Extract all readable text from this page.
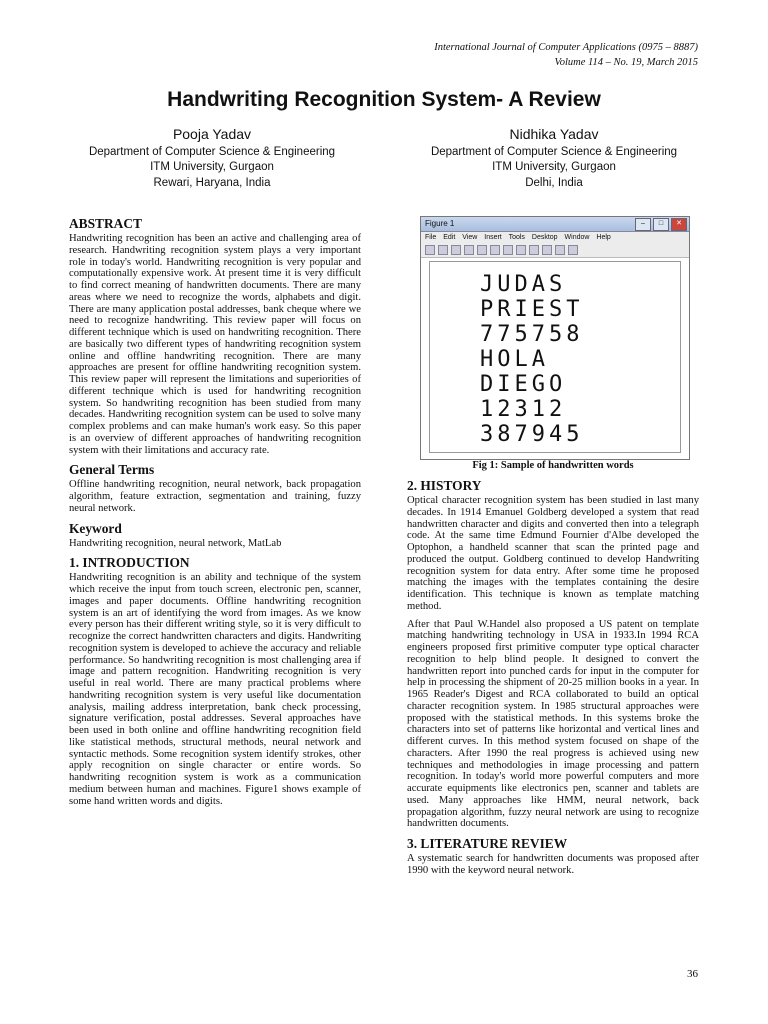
International Journal of Computer Applications (0975 – 8887)
Volume 114 – No. 19, March 2015
Handwriting Recognition System- A Review
Pooja Yadav
Department of Computer Science & Engineering
ITM University, Gurgaon
Rewari, Haryana, India
Nidhika Yadav
Department of Computer Science & Engineering
ITM University, Gurgaon
Delhi, India
ABSTRACT

Handwriting recognition has been an active and challenging area of research. Handwriting recognition system plays a very important role in today's world. Handwriting recognition is very popular and computationally expensive work. At present time it is very difficult to find correct meaning of handwritten documents. There are many areas where we need to recognize the words, alphabets and digit. There are many application postal addresses, bank cheque where we need to recognize handwriting. This review paper will focus on different technique which is used on handwriting recognition. There are basically two different types of handwriting recognition system online and offline handwriting recognition. There are many approaches are present for offline handwriting recognition system. This review paper will represent the limitations and superiorities of different technique which is used for handwriting recognition system. So handwriting recognition has been studied from many decades. Handwriting recognition system can be used to solve many complex problems and can make human's work easy. So this paper is an overview of different approaches of handwriting recognition system with their limitations and accuracy rate.

General Terms

Offline handwriting recognition, neural network, back propagation algorithm, feature extraction, segmentation and training, fuzzy neural network.

Keyword

Handwriting recognition, neural network, MatLab

1. INTRODUCTION

Handwriting recognition is an ability and technique of the system which receive the input from touch screen, electronic pen, scanner, images and paper documents. Offline handwriting recognition system is an art of identifying the word from images. As we know every person has their different writing style, so it is very difficult to recognize the correct handwritten characters and digits. Handwriting recognition system is developed to achieve the accuracy and reliable performance. So handwriting recognition is most challenging area if image and pattern recognition. Handwriting recognition is very useful in real world. There are many practical problems where handwriting recognition system is very useful like documentation analysis, mailing address interpretation, bank check processing, signature verification, postal addresses. Several approaches have been used in both online and offline handwriting recognition field like statistical methods, structural methods, neural network and syntactic methods. Some recognition system identify strokes, other apply recognition on single character or entire words. So handwriting recognition system is work as a communication medium between human and machines. Figure1 shows example of some hand written words and digits.

Figure 1	–	□	✕
File Edit View Insert Tools Desktop Window Help
JUDAS
PRIEST
775758
HOLA
DIEGO
12312
387945
Fig 1: Sample of handwritten words
2. HISTORY

Optical character recognition system has been studied in last many decades. In 1914 Emanuel Goldberg developed a system that read handwritten character and digits and converted then into a telegraph code. At the same time Edmund Fournier d'Albe developed the Optophon, a handheld scanner that scan the printed page and produced the output. Goldberg continued to develop Handwriting recognition system for data entry. After some time he proposed matching the images with the templates containing the desire identification. This technique is known as template matching method.

After that Paul W.Handel also proposed a US patent on template matching handwriting technology in USA in 1933.In 1994 RCA engineers proposed first primitive computer type optical character recognition to help blind people. It designed to convert the handwritten report into punched cards for input in the computer for help in processing the shipment of 20-25 million books in a year. In 1965 Reader's Digest and RCA collaborated to build an optical character recognition system. In 1985 structural approaches were proposed with the statistical methods. In this systems broke the characters into set of patterns like horizontal and vertical lines and different curves. In this method system focused on shape of the characters. After 1990 the real progress is achieved using new techniques and methodologies in image processing and pattern recognition. In today's world more powerful computers and more accurate equipments like electronics pen, scanner and tablets are used. Many approaches like HMM, neural network, back propagation algorithm, fuzzy neural network are using to recognize handwritten documents.

3. LITERATURE REVIEW

A systematic search for handwritten documents was proposed after 1990 with the keyword neural network.

36
